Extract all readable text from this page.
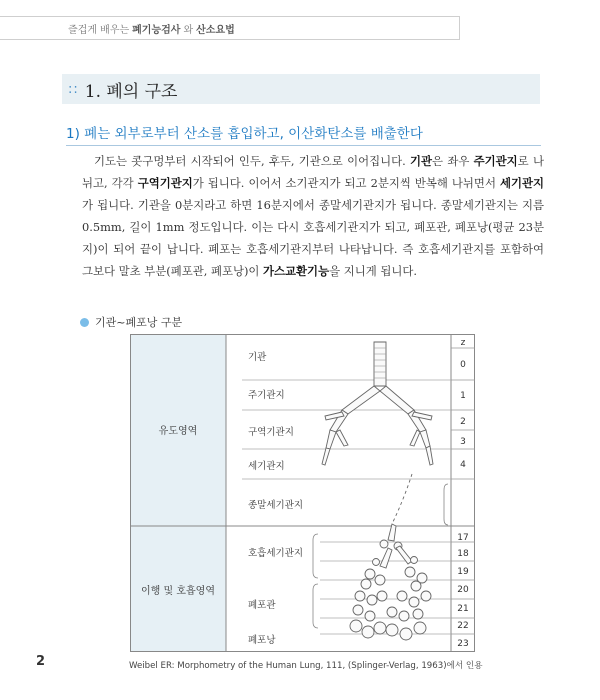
즐겁게 배우는 폐기능검사 와 산소요법
:: 1. 폐의 구조
1) 폐는 외부로부터 산소를 흡입하고, 이산화탄소를 배출한다

기도는 콧구멍부터 시작되어 인두, 후두, 기관으로 이어집니다. 기관은 좌우 주기관지로 나뉘고, 각각 구역기관지가 됩니다. 이어서 소기관지가 되고 2분지씩 반복해 나뉘면서 세기관지가 됩니다. 기관을 0분지라고 하면 16분지에서 종말세기관지가 됩니다. 종말세기관지는 지름 0.5mm, 길이 1mm 정도입니다. 이는 다시 호흡세기관지가 되고, 폐포관, 폐포낭(평균 23분지)이 되어 끝이 납니다. 폐포는 호흡세기관지부터 나타납니다. 즉 호흡세기관지를 포함하여 그보다 말초 부분(폐포관, 폐포낭)이 가스교환기능을 지니게 됩니다.

기관~폐포낭 구분
유도영역
이행 및 호흡영역
기관
주기관지
구역기관지
세기관지
종말세기관지
호흡세기관지
폐포관
폐포낭
z
0
1
2
3
4
17
18
19
20
21
22
23
2	Weibel ER: Morphometry of the Human Lung, 111, (Splinger-Verlag, 1963)에서 인용
